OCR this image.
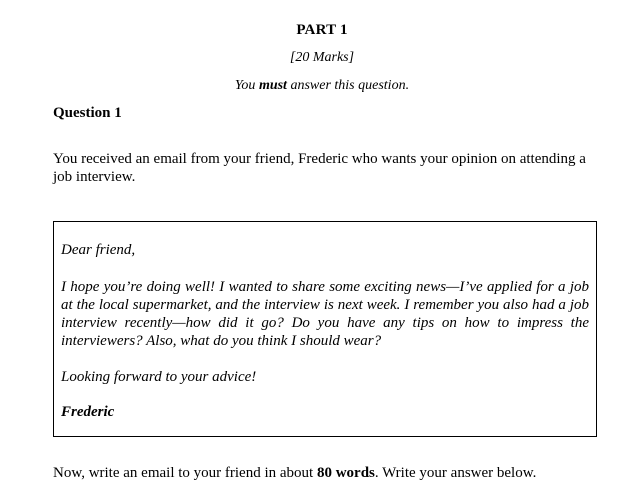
PART 1
[20 Marks]
You must answer this question.
Question 1
You received an email from your friend, Frederic who wants your opinion on attending a job interview.
Dear friend,
I hope you’re doing well! I wanted to share some exciting news—I’ve applied for a job at the local supermarket, and the interview is next week. I remember you also had a job interview recently—how did it go? Do you have any tips on how to impress the interviewers? Also, what do you think I should wear?
Looking forward to your advice!
Frederic
Now, write an email to your friend in about 80 words. Write your answer below.
